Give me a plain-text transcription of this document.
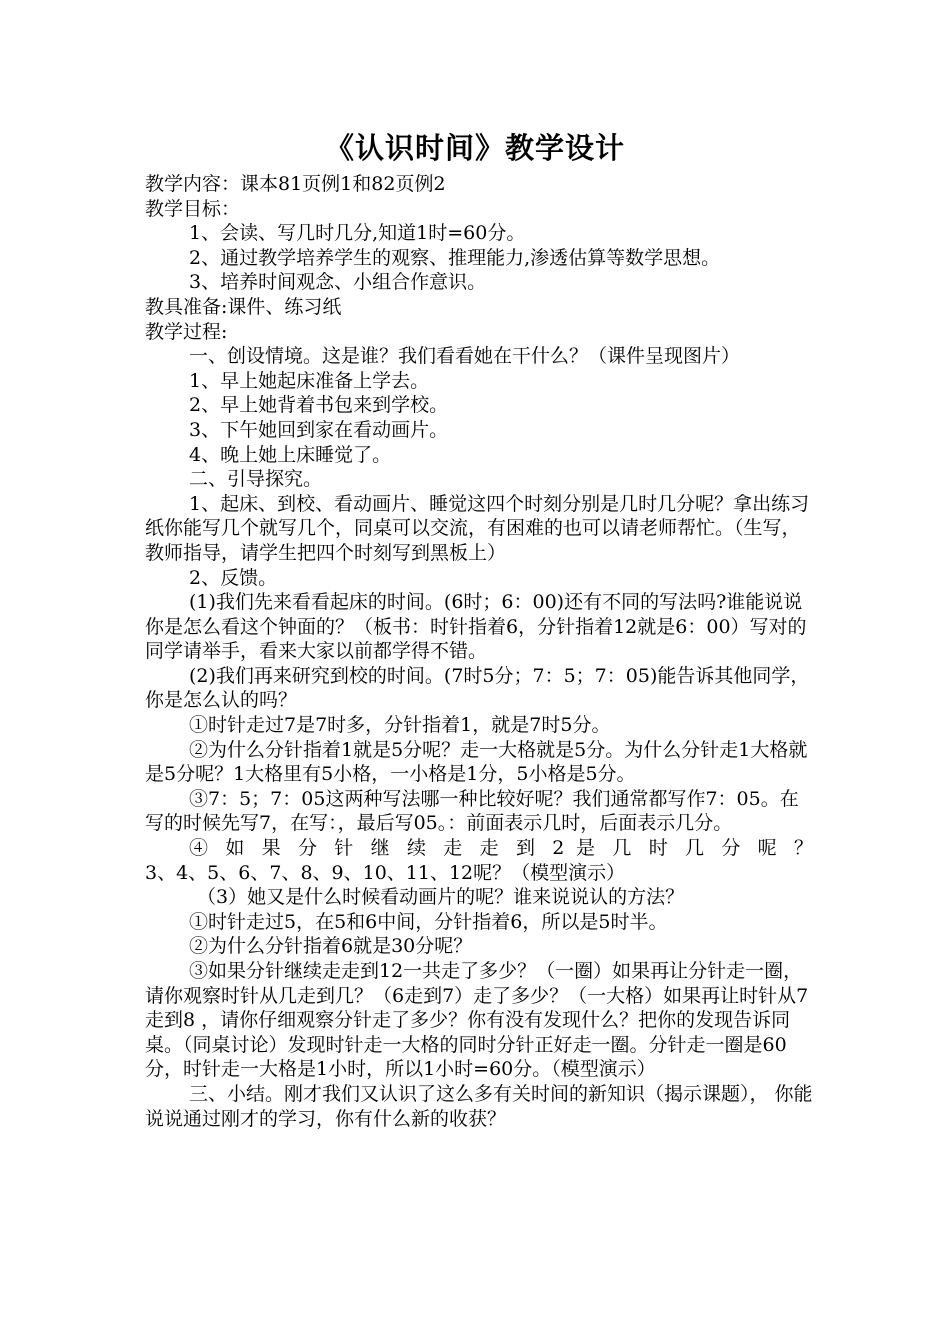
《认识时间》教学设计

教学内容：课本81页例1和82页例2

教学目标：

1、会读、写几时几分,知道1时=60分。

2、通过教学培养学生的观察、推理能力,渗透估算等数学思想。

3、培养时间观念、小组合作意识。

教具准备:课件、练习纸

教学过程:

一、创设情境。这是谁？我们看看她在干什么？（课件呈现图片）

1、早上她起床准备上学去。

2、早上她背着书包来到学校。

3、下午她回到家在看动画片。

4、晚上她上床睡觉了。

二、引导探究。

1、起床、到校、看动画片、睡觉这四个时刻分别是几时几分呢？拿出练习纸你能写几个就写几个，同桌可以交流，有困难的也可以请老师帮忙。（生写，教师指导，请学生把四个时刻写到黑板上）

2、反馈。

(1)我们先来看看起床的时间。(6时；6：00)还有不同的写法吗?谁能说说你是怎么看这个钟面的？（板书：时针指着6，分针指着12就是6：00）写对的同学请举手，看来大家以前都学得不错。

(2)我们再来研究到校的时间。(7时5分；7：5；7：05)能告诉其他同学，你是怎么认的吗？

①时针走过7是7时多，分针指着1，就是7时5分。

②为什么分针指着1就是5分呢？走一大格就是5分。为什么分针走1大格就是5分呢？1大格里有5小格，一小格是1分，5小格是5分。

③7：5；7：05这两种写法哪一种比较好呢？我们通常都写作7：05。在写的时候先写7，在写：，最后写05。：前面表示几时，后面表示几分。

④ 如 果 分 针 继 续 走 走 到 2 是 几 时 几 分 呢 ？

3、4、5、6、7、8、9、10、11、12呢？（模型演示）

（3）她又是什么时候看动画片的呢？谁来说说认的方法？

①时针走过5，在5和6中间，分针指着6，所以是5时半。

②为什么分针指着6就是30分呢？

③如果分针继续走走到12一共走了多少？（一圈）如果再让分针走一圈，请你观察时针从几走到几？（6走到7）走了多少？（一大格）如果再让时针从7走到8 ，请你仔细观察分针走了多少？你有没有发现什么？把你的发现告诉同桌。（同桌讨论）发现时针走一大格的同时分针正好走一圈。分针走一圈是60分，时针走一大格是1小时，所以1小时=60分。（模型演示）

三、小结。刚才我们又认识了这么多有关时间的新知识（揭示课题）， 你能说说通过刚才的学习，你有什么新的收获？
